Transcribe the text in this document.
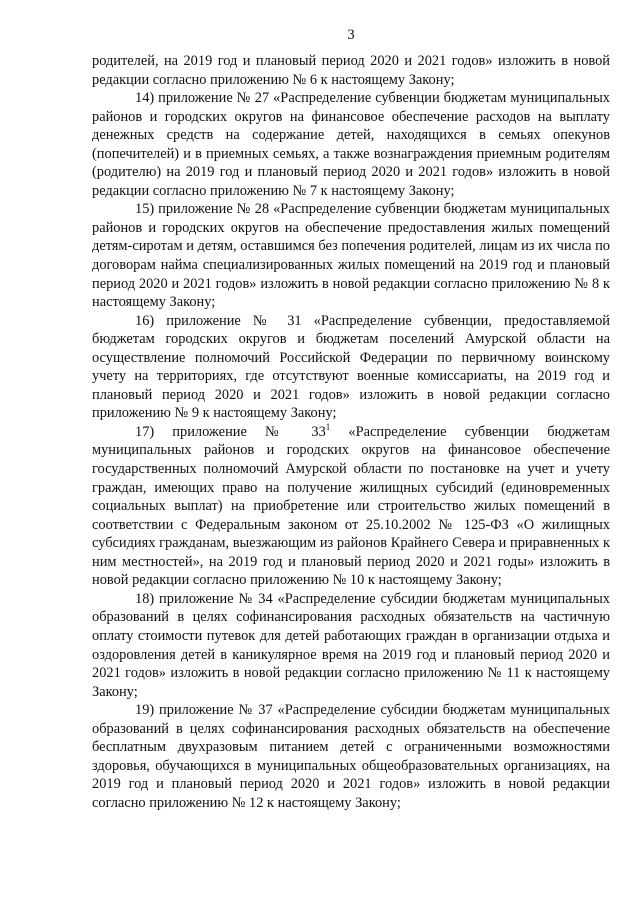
3

родителей, на 2019 год и плановый период 2020 и 2021 годов» изложить в новой редакции согласно приложению № 6 к настоящему Закону;

14) приложение № 27 «Распределение субвенции бюджетам муниципальных районов и городских округов на финансовое обеспечение расходов на выплату денежных средств на содержание детей, находящихся в семьях опекунов (попечителей) и в приемных семьях, а также вознаграждения приемным родителям (родителю) на 2019 год и плановый период 2020 и 2021 годов» изложить в новой редакции согласно приложению № 7 к настоящему Закону;

15) приложение № 28 «Распределение субвенции бюджетам муниципальных районов и городских округов на обеспечение предоставления жилых помещений детям-сиротам и детям, оставшимся без попечения родителей, лицам из их числа по договорам найма специализированных жилых помещений на 2019 год и плановый период 2020 и 2021 годов» изложить в новой редакции согласно приложению № 8 к настоящему Закону;

16) приложение № 31 «Распределение субвенции, предоставляемой бюджетам городских округов и бюджетам поселений Амурской области на осуществление полномочий Российской Федерации по первичному воинскому учету на территориях, где отсутствуют военные комиссариаты, на 2019 год и плановый период 2020 и 2021 годов» изложить в новой редакции согласно приложению № 9 к настоящему Закону;

17) приложение № $33^1$ «Распределение субвенции бюджетам муниципальных районов и городских округов на финансовое обеспечение государственных полномочий Амурской области по постановке на учет и учету граждан, имеющих право на получение жилищных субсидий (единовременных социальных выплат) на приобретение или строительство жилых помещений в соответствии с Федеральным законом от 25.10.2002 № 125-ФЗ «О жилищных субсидиях гражданам, выезжающим из районов Крайнего Севера и приравненных к ним местностей», на 2019 год и плановый период 2020 и 2021 годы» изложить в новой редакции согласно приложению № 10 к настоящему Закону;

18) приложение № 34 «Распределение субсидии бюджетам муниципальных образований в целях софинансирования расходных обязательств на частичную оплату стоимости путевок для детей работающих граждан в организации отдыха и оздоровления детей в каникулярное время на 2019 год и плановый период 2020 и 2021 годов» изложить в новой редакции согласно приложению № 11 к настоящему Закону;

19) приложение № 37 «Распределение субсидии бюджетам муниципальных образований в целях софинансирования расходных обязательств на обеспечение бесплатным двухразовым питанием детей с ограниченными возможностями здоровья, обучающихся в муниципальных общеобразовательных организациях, на 2019 год и плановый период 2020 и 2021 годов» изложить в новой редакции согласно приложению № 12 к настоящему Закону;
